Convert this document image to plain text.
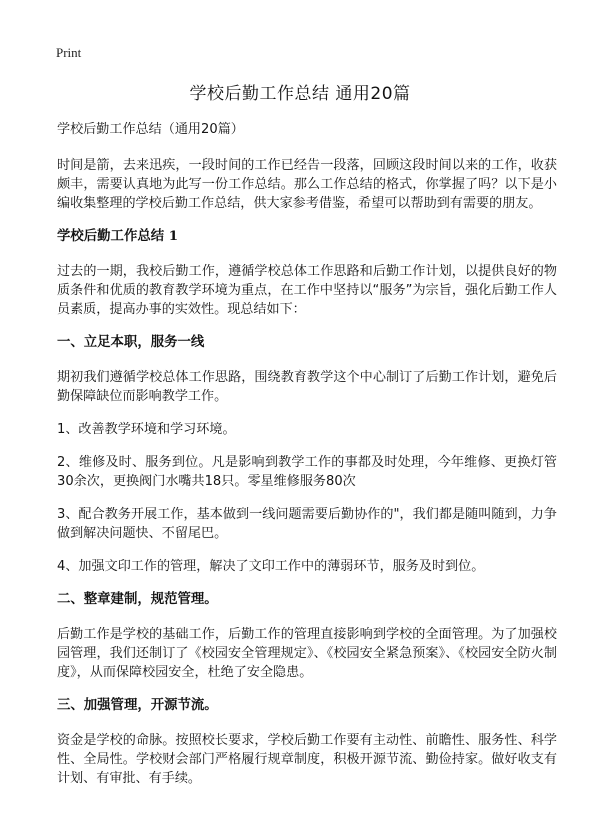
Print
学校后勤工作总结 通用20篇

学校后勤工作总结（通用20篇）

时间是箭，去来迅疾，一段时间的工作已经告一段落，回顾这段时间以来的工作，收获颇丰，需要认真地为此写一份工作总结。那么工作总结的格式，你掌握了吗？以下是小编收集整理的学校后勤工作总结，供大家参考借鉴，希望可以帮助到有需要的朋友。

学校后勤工作总结 1

过去的一期，我校后勤工作，遵循学校总体工作思路和后勤工作计划，以提供良好的物质条件和优质的教育教学环境为重点，在工作中坚持以“服务”为宗旨，强化后勤工作人员素质，提高办事的实效性。现总结如下：

一、立足本职，服务一线

期初我们遵循学校总体工作思路，围绕教育教学这个中心制订了后勤工作计划，避免后勤保障缺位而影响教学工作。

1、改善教学环境和学习环境。

2、维修及时、服务到位。凡是影响到教学工作的事都及时处理，今年维修、更换灯管30余次，更换阀门水嘴共18只。零星维修服务80次

3、配合教务开展工作，基本做到一线问题需要后勤协作的"，我们都是随叫随到，力争做到解决问题快、不留尾巴。

4、加强文印工作的管理，解决了文印工作中的薄弱环节，服务及时到位。

二、整章建制，规范管理。

后勤工作是学校的基础工作，后勤工作的管理直接影响到学校的全面管理。为了加强校园管理，我们还制订了《校园安全管理规定》、《校园安全紧急预案》、《校园安全防火制度》，从而保障校园安全，杜绝了安全隐患。

三、加强管理，开源节流。

资金是学校的命脉。按照校长要求，学校后勤工作要有主动性、前瞻性、服务性、科学性、全局性。学校财会部门严格履行规章制度，积极开源节流、勤俭持家。做好收支有计划、有审批、有手续。
